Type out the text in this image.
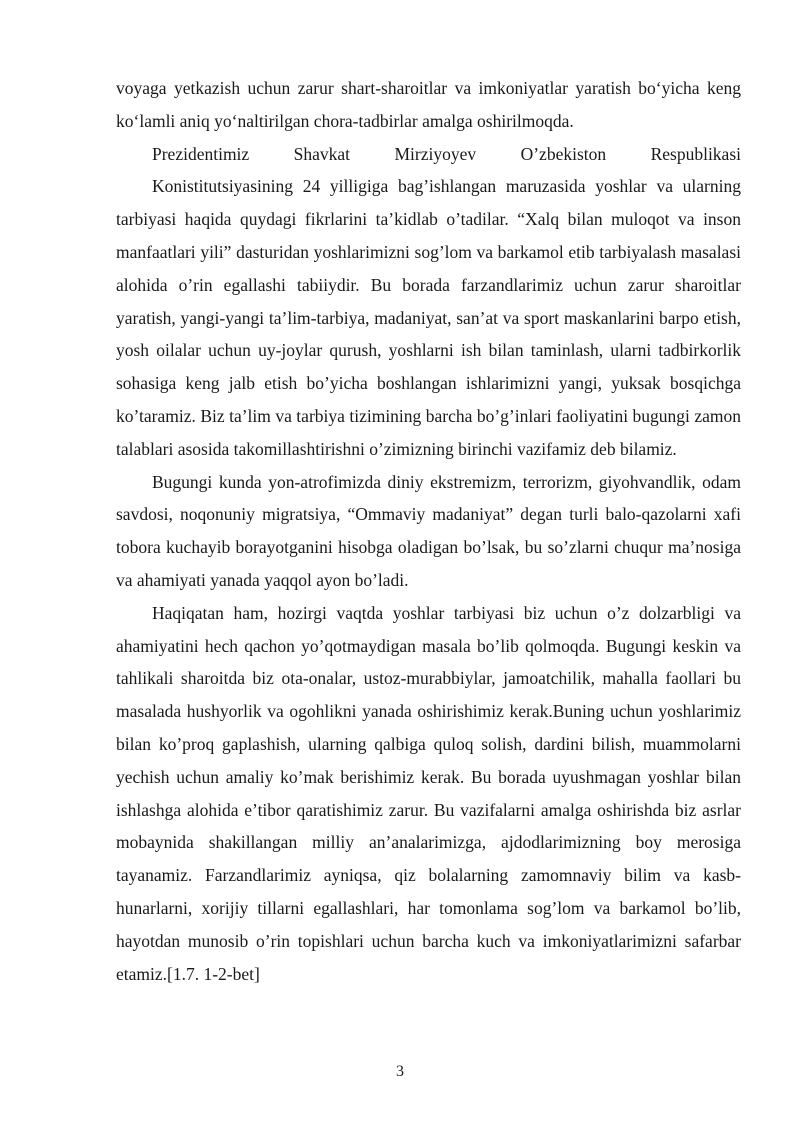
voyaga yetkazish uchun zarur shart-sharoitlar va imkoniyatlar yaratish bo‘yicha keng ko‘lamli aniq yo‘naltirilgan chora-tadbirlar amalga oshirilmoqda.

Prezidentimiz Shavkat Mirziyoyev O’zbekiston Respublikasi

Konistitutsiyasining 24 yilligiga bag’ishlangan maruzasida yoshlar va ularning tarbiyasi haqida quydagi fikrlarini ta’kidlab o’tadilar. “Xalq bilan muloqot va inson manfaatlari yili” dasturidan yoshlarimizni sog’lom va barkamol etib tarbiyalash masalasi alohida o’rin egallashi tabiiydir. Bu borada farzandlarimiz uchun zarur sharoitlar yaratish, yangi-yangi ta’lim-tarbiya, madaniyat, san’at va sport maskanlarini barpo etish, yosh oilalar uchun uy-joylar qurush, yoshlarni ish bilan taminlash, ularni tadbirkorlik sohasiga keng jalb etish bo’yicha boshlangan ishlarimizni yangi, yuksak bosqichga ko’taramiz. Biz ta’lim va tarbiya tizimining barcha bo’g’inlari faoliyatini bugungi zamon talablari asosida takomillashtirishni o’zimizning birinchi vazifamiz deb bilamiz.

Bugungi kunda yon-atrofimizda diniy ekstremizm, terrorizm, giyohvandlik, odam savdosi, noqonuniy migratsiya, “Ommaviy madaniyat” degan turli balo-qazolarni xafi tobora kuchayib borayotganini hisobga oladigan bo’lsak, bu so’zlarni chuqur ma’nosiga va ahamiyati yanada yaqqol ayon bo’ladi.

Haqiqatan ham, hozirgi vaqtda yoshlar tarbiyasi biz uchun o’z dolzarbligi va ahamiyatini hech qachon yo’qotmaydigan masala bo’lib qolmoqda. Bugungi keskin va tahlikali sharoitda biz ota-onalar, ustoz-murabbiylar, jamoatchilik, mahalla faollari bu masalada hushyorlik va ogohlikni yanada oshirishimiz kerak.Buning uchun yoshlarimiz bilan ko’proq gaplashish, ularning qalbiga quloq solish, dardini bilish, muammolarni yechish uchun amaliy ko’mak berishimiz kerak. Bu borada uyushmagan yoshlar bilan ishlashga alohida e’tibor qaratishimiz zarur. Bu vazifalarni amalga oshirishda biz asrlar mobaynida shakillangan milliy an’analarimizga, ajdodlarimizning boy merosiga tayanamiz. Farzandlarimiz ayniqsa, qiz bolalarning zamomnaviy bilim va kasb-hunarlarni, xorijiy tillarni egallashlari, har tomonlama sog’lom va barkamol bo’lib, hayotdan munosib o’rin topishlari uchun barcha kuch va imkoniyatlarimizni safarbar etamiz.[1.7. 1-2-bet]

3
